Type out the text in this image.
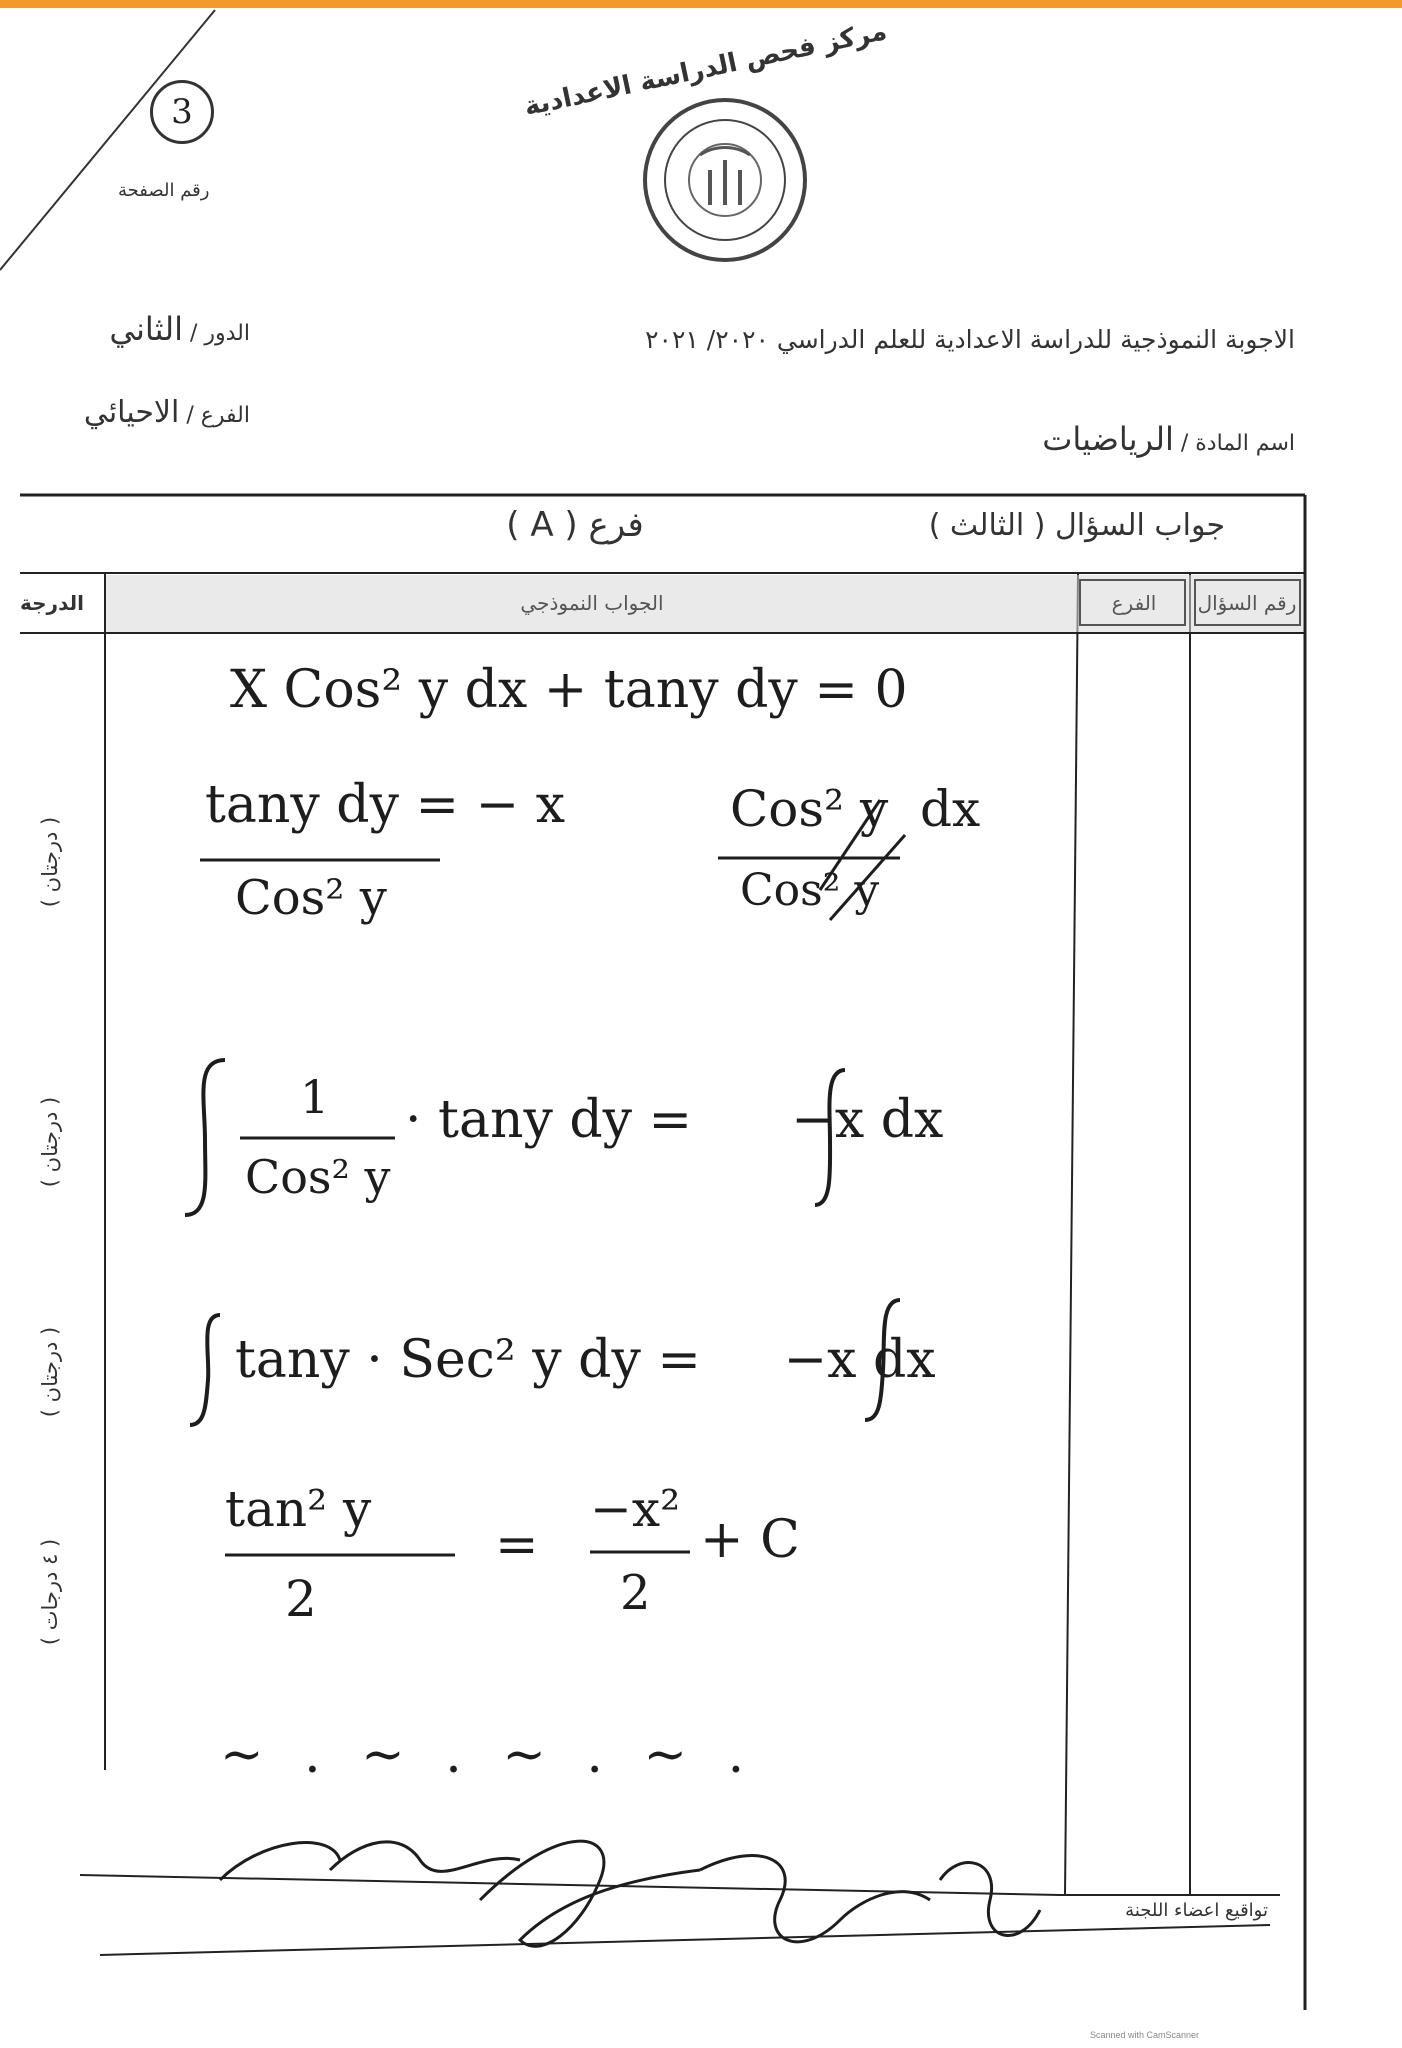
مركز فحص الدراسة الاعدادية
3
رقم الصفحة
الاجوبة النموذجية للدراسة الاعدادية للعلم الدراسي ٢٠٢٠/ ٢٠٢١
الدور / الثاني
الفرع / الاحيائي
اسم المادة / الرياضيات
جواب السؤال ( الثالث )
فرع ( A )
رقم السؤال
الفرع
الجواب النموذجي
الدرجة
( درجتان )
( درجتان )
( درجتان )
( ٤ درجات )
X Cos² y dx + tany dy = 0
tany dy = − x	Cos² y  dx
Cos² y	Cos² y
1
Cos² y
· tany dy =      −x dx
tany · Sec² y dy =     −x dx
tan² y
2
=
−x²
2
+ C
~ . ~ . ~ . ~ .
تواقيع اعضاء اللجنة
Scanned with CamScanner
